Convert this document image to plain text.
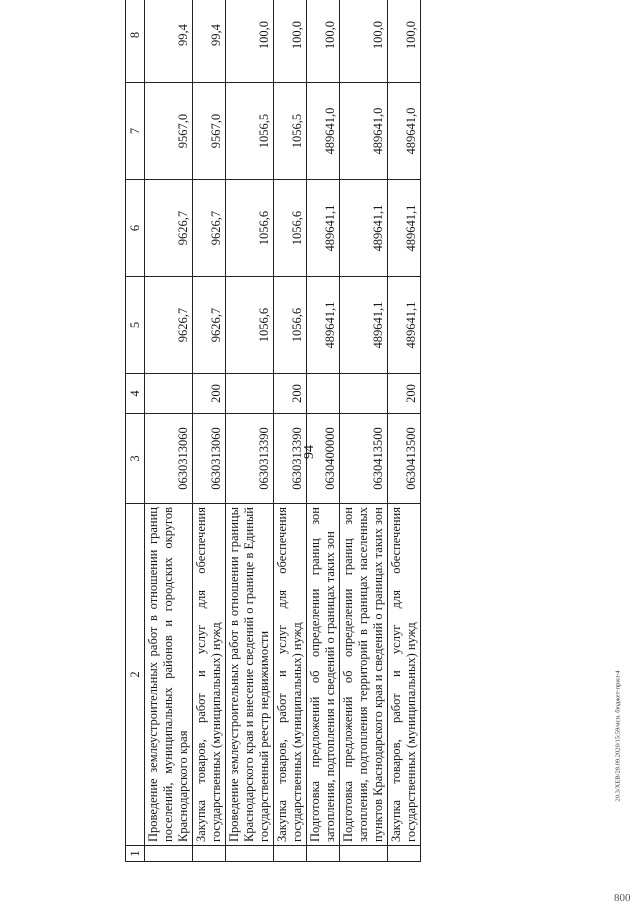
94
20.3/XEB/28.09.2020/15:59/исп. бюджет-прил-4
800
1	2	3	4	5	6	7	8
	Проведение землеустроительных работ в отношении границ поселений, муниципальных районов и городских округов Краснодарского края	0630313060		9626,7	9626,7	9567,0	99,4
	Закупка товаров, работ и услуг для обеспечения государственных (муниципальных) нужд	0630313060	200	9626,7	9626,7	9567,0	99,4
	Проведение землеустроительных работ в отношении границы Краснодарского края и внесение сведений о границе в Единый государственный реестр недвижимости	0630313390		1056,6	1056,6	1056,5	100,0
	Закупка товаров, работ и услуг для обеспечения государственных (муниципальных) нужд	0630313390	200	1056,6	1056,6	1056,5	100,0
	Подготовка предложений об определении границ зон затопления, подтопления и сведений о границах таких зон	0630400000		489641,1	489641,1	489641,0	100,0
	Подготовка предложений об определении границ зон затопления, подтопления территорий в границах населенных пунктов Краснодарского края и сведений о границах таких зон	0630413500		489641,1	489641,1	489641,0	100,0
	Закупка товаров, работ и услуг для обеспечения государственных (муниципальных) нужд	0630413500	200	489641,1	489641,1	489641,0	100,0
